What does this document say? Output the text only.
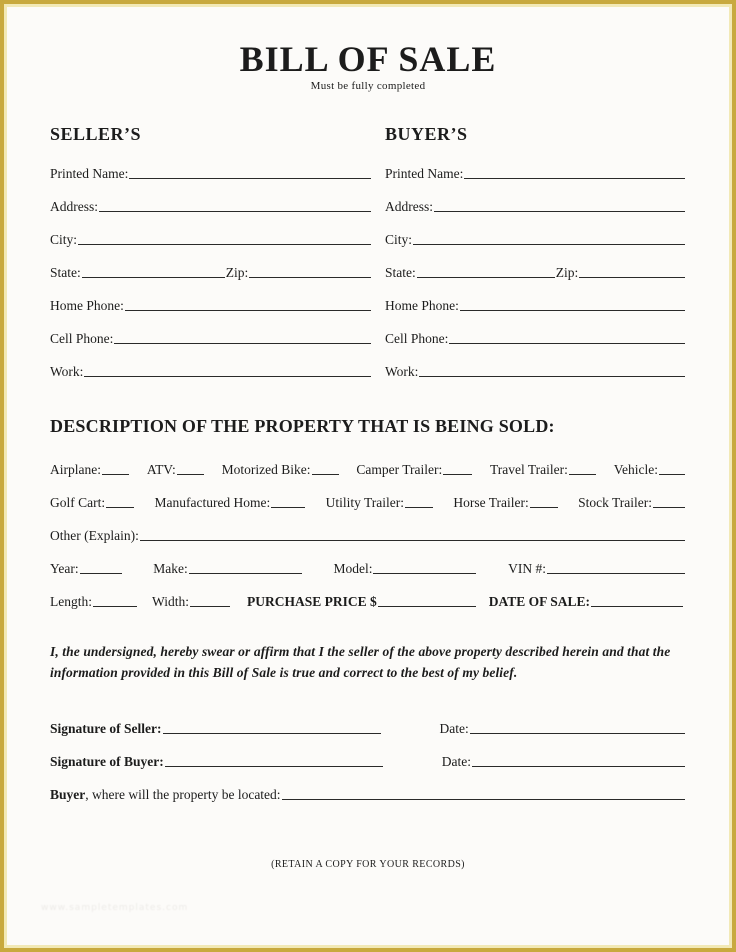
BILL OF SALE
Must be fully completed
SELLER’S
Printed Name:
Address:
City:
State:	Zip:
Home Phone:
Cell Phone:
Work:
BUYER’S
Printed Name:
Address:
City:
State:	Zip:
Home Phone:
Cell Phone:
Work:
DESCRIPTION OF THE PROPERTY THAT IS BEING SOLD:
Airplane:	ATV:	Motorized Bike:	Camper Trailer:	Travel Trailer:	Vehicle:
Golf Cart:	Manufactured Home:	Utility Trailer:	Horse Trailer:	Stock Trailer:
Other (Explain):
Year:	Make:	Model:	VIN #:
Length:	Width:	PURCHASE PRICE $	DATE OF SALE:
I, the undersigned, hereby swear or affirm that I the seller of the above property described herein and that the information provided in this Bill of Sale is true and correct to the best of my belief.
Signature of Seller:	Date:
Signature of Buyer:	Date:
Buyer , where will the property be located:
(RETAIN A COPY FOR YOUR RECORDS)
www.sampletemplates.com
